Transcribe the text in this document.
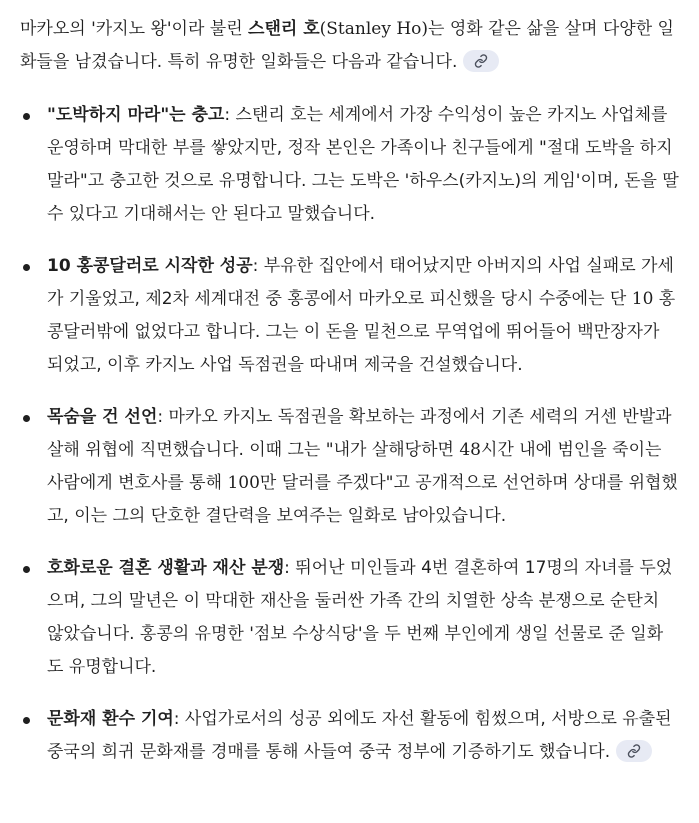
마카오의 '카지노 왕'이라 불린 스탠리 호(Stanley Ho)는 영화 같은 삶을 살며 다양한 일화들을 남겼습니다. 특히 유명한 일화들은 다음과 같습니다.

"도박하지 마라"는 충고: 스탠리 호는 세계에서 가장 수익성이 높은 카지노 사업체를 운영하며 막대한 부를 쌓았지만, 정작 본인은 가족이나 친구들에게 "절대 도박을 하지 말라"고 충고한 것으로 유명합니다. 그는 도박은 '하우스(카지노)의 게임'이며, 돈을 딸 수 있다고 기대해서는 안 된다고 말했습니다.
10 홍콩달러로 시작한 성공: 부유한 집안에서 태어났지만 아버지의 사업 실패로 가세가 기울었고, 제2차 세계대전 중 홍콩에서 마카오로 피신했을 당시 수중에는 단 10 홍콩달러밖에 없었다고 합니다. 그는 이 돈을 밑천으로 무역업에 뛰어들어 백만장자가 되었고, 이후 카지노 사업 독점권을 따내며 제국을 건설했습니다.
목숨을 건 선언: 마카오 카지노 독점권을 확보하는 과정에서 기존 세력의 거센 반발과 살해 위협에 직면했습니다. 이때 그는 "내가 살해당하면 48시간 내에 범인을 죽이는 사람에게 변호사를 통해 100만 달러를 주겠다"고 공개적으로 선언하며 상대를 위협했고, 이는 그의 단호한 결단력을 보여주는 일화로 남아있습니다.
호화로운 결혼 생활과 재산 분쟁: 뛰어난 미인들과 4번 결혼하여 17명의 자녀를 두었으며, 그의 말년은 이 막대한 재산을 둘러싼 가족 간의 치열한 상속 분쟁으로 순탄치 않았습니다. 홍콩의 유명한 '점보 수상식당'을 두 번째 부인에게 생일 선물로 준 일화도 유명합니다.
문화재 환수 기여: 사업가로서의 성공 외에도 자선 활동에 힘썼으며, 서방으로 유출된 중국의 희귀 문화재를 경매를 통해 사들여 중국 정부에 기증하기도 했습니다.
